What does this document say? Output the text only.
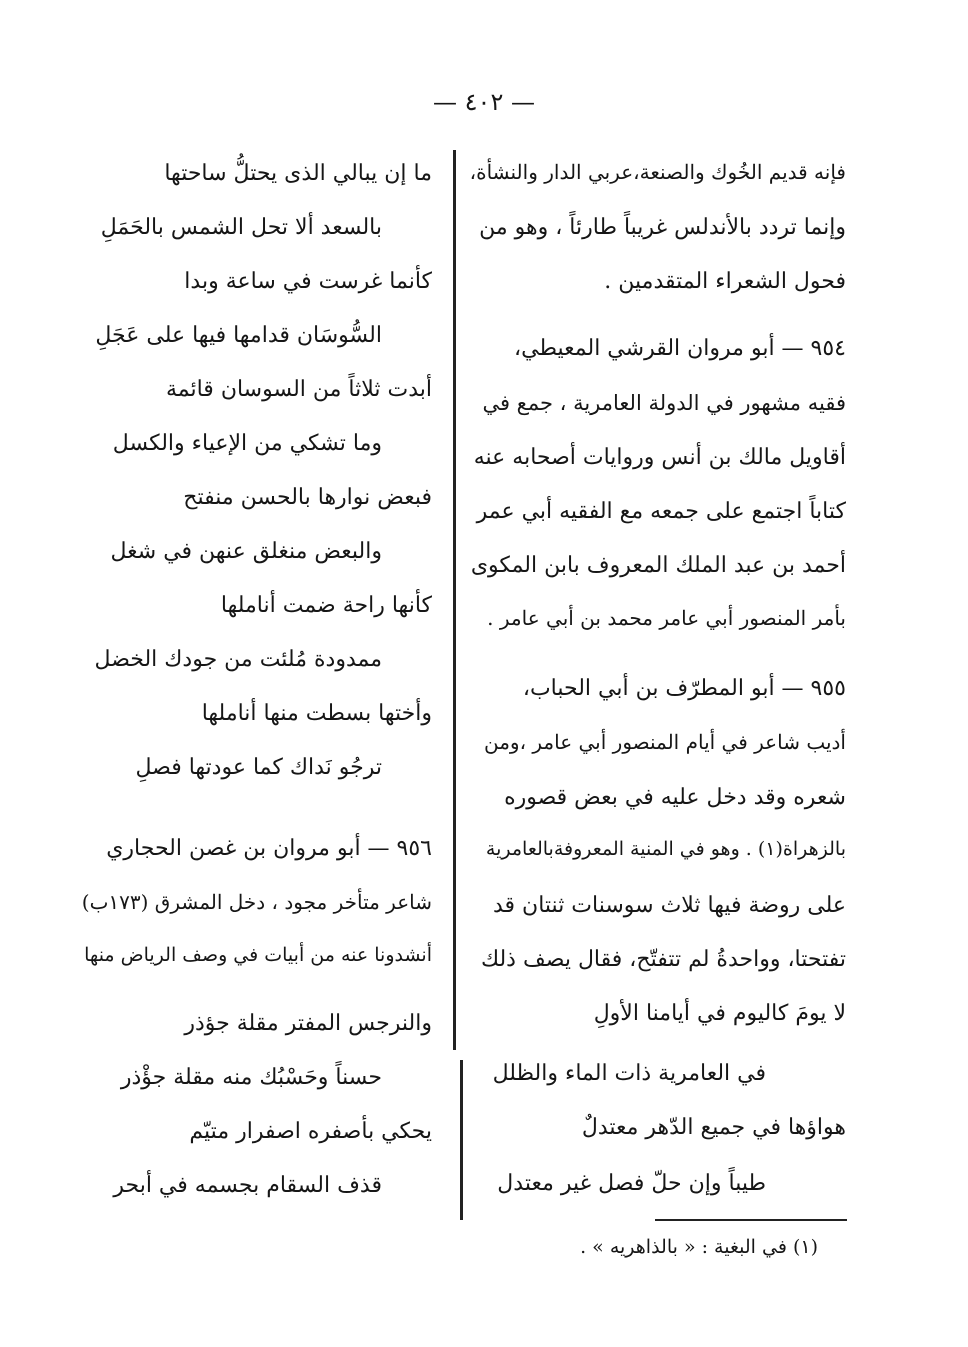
— ٤٠٢ —
فإنه قديم الخُوك والصنعة،عربي الدار والنشأة،
وإنما تردد بالأندلس غريباً طارئاً ، وهو من
فحول الشعراء المتقدمين .
٩٥٤ — أبو مروان القرشي المعيطي،
فقيه مشهور في الدولة العامرية ، جمع في
أقاويل مالك بن أنس وروايات أصحابه عنه
كتاباً اجتمع على جمعه مع الفقيه أبي عمر
أحمد بن عبد الملك المعروف بابن المكوى
بأمر المنصور أبي عامر محمد بن أبي عامر .
٩٥٥ — أبو المطرّف بن أبي الحباب،
أديب شاعر في أيام المنصور أبي عامر ،ومن
شعره وقد دخل عليه في بعض قصوره
بالزهراة(١) . وهو في المنية المعروفةبالعامرية
على روضة فيها ثلاث سوسنات ثنتان قد
تفتحتا، وواحدةُ لم تتفتّح، فقال يصف ذلك
لا يومَ كاليوم في أيامنا الأولِ
في العامرية ذات الماء والظلل
هواؤها في جميع الدّهر معتدلٌ
طيباً وإن حلّ فصل غير معتدل
ما إن يبالي الذى يحتلُّ ساحتها
بالسعد ألا تحل الشمس بالحَمَلِ
كأنما غرست في ساعة وبدا
السُّوسَان قدامها فيها على عَجَلِ
أبدت ثلاثاً من السوسان قائمة
وما تشكي من الإعياء والكسل
فبعض نوارها بالحسن منفتح
والبعض منغلق عنهن في شغل
كأنها راحة ضمت أناملها
ممدودة مُلئت من جودك الخضل
وأختها بسطت منها أناملها
ترجُو نَداك كما عودتها فصلِ
٩٥٦ — أبو مروان بن غصن الحجاري
شاعر متأخر مجود ، دخل المشرق (١٧٣ب)
أنشدونا عنه من أبيات في وصف الرياض منها
والنرجس المفتر مقلة جؤذر
حسناً وحَسْبُك منه مقلة جؤْذر
يحكي بأصفره اصفرار متيّم
قذف السقام بجسمه في أبحر
(١) في البغية : « بالذاهريه » .
